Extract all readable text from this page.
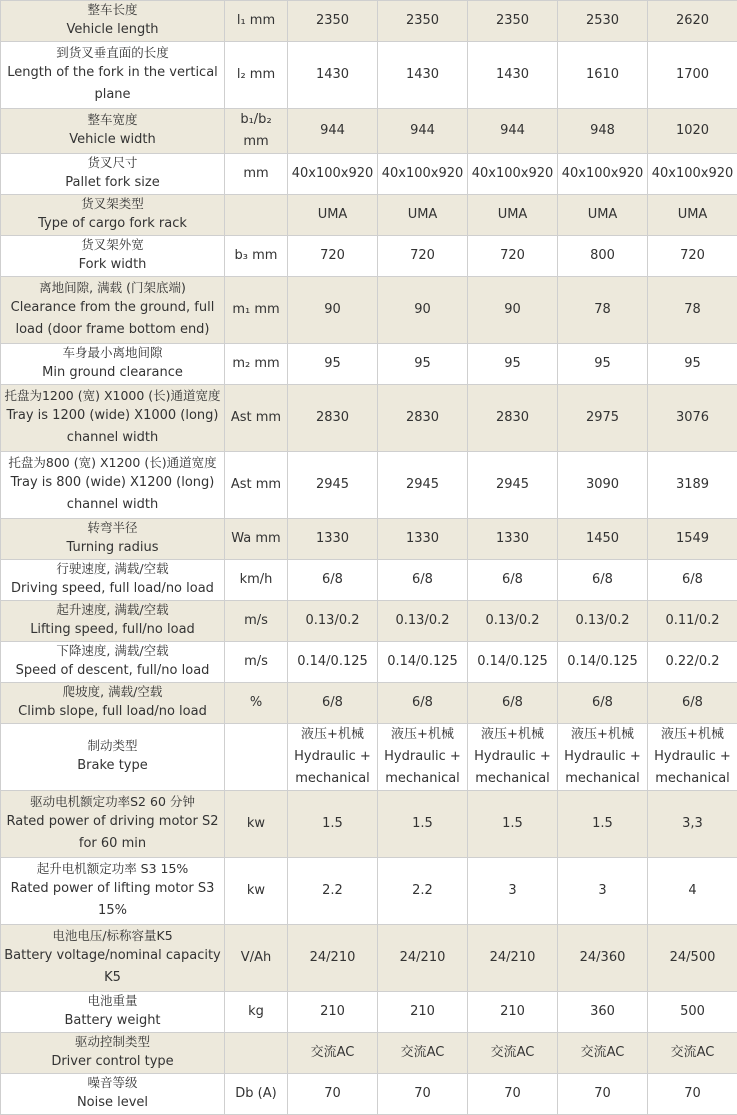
整车长度
Vehicle length	l₁ mm	2350	2350	2350	2530	2620

到货叉垂直面的长度
Length of the fork in the vertical plane	l₂ mm	1430	1430	1430	1610	1700

整车宽度
Vehicle width	b₁/b₂ mm	944	944	944	948	1020

货叉尺寸
Pallet fork size	mm	40x100x920	40x100x920	40x100x920	40x100x920	40x100x920

货叉架类型
Type of cargo fork rack		UMA	UMA	UMA	UMA	UMA

货叉架外宽
Fork width	b₃ mm	720	720	720	800	720

离地间隙, 满载 (门架底端)
Clearance from the ground, full load (door frame bottom end)	m₁ mm	90	90	90	78	78

车身最小离地间隙
Min ground clearance	m₂ mm	95	95	95	95	95

托盘为1200 (宽) X1000 (长)通道宽度
Tray is 1200 (wide) X1000 (long) channel width	Ast mm	2830	2830	2830	2975	3076

托盘为800 (宽) X1200 (长)通道宽度
Tray is 800 (wide) X1200 (long) channel width	Ast mm	2945	2945	2945	3090	3189

转弯半径
Turning radius	Wa mm	1330	1330	1330	1450	1549

行驶速度, 满载/空载
Driving speed, full load/no load	km/h	6/8	6/8	6/8	6/8	6/8

起升速度, 满载/空载
Lifting speed, full/no load	m/s	0.13/0.2	0.13/0.2	0.13/0.2	0.13/0.2	0.11/0.2

下降速度, 满载/空载
Speed of descent, full/no load	m/s	0.14/0.125	0.14/0.125	0.14/0.125	0.14/0.125	0.22/0.2

爬坡度, 满载/空载
Climb slope, full load/no load	%	6/8	6/8	6/8	6/8	6/8

制动类型
Brake type		液压+机械 Hydraulic + mechanical	液压+机械 Hydraulic + mechanical	液压+机械 Hydraulic + mechanical	液压+机械 Hydraulic + mechanical	液压+机械 Hydraulic + mechanical

驱动电机额定功率S2 60 分钟
Rated power of driving motor S2 for 60 min	kw	1.5	1.5	1.5	1.5	3,3

起升电机额定功率 S3 15%
Rated power of lifting motor S3 15%	kw	2.2	2.2	3	3	4

电池电压/标称容量K5
Battery voltage/nominal capacity K5	V/Ah	24/210	24/210	24/210	24/360	24/500

电池重量
Battery weight	kg	210	210	210	360	500

驱动控制类型
Driver control type		交流AC	交流AC	交流AC	交流AC	交流AC

噪音等级
Noise level	Db (A)	70	70	70	70	70
